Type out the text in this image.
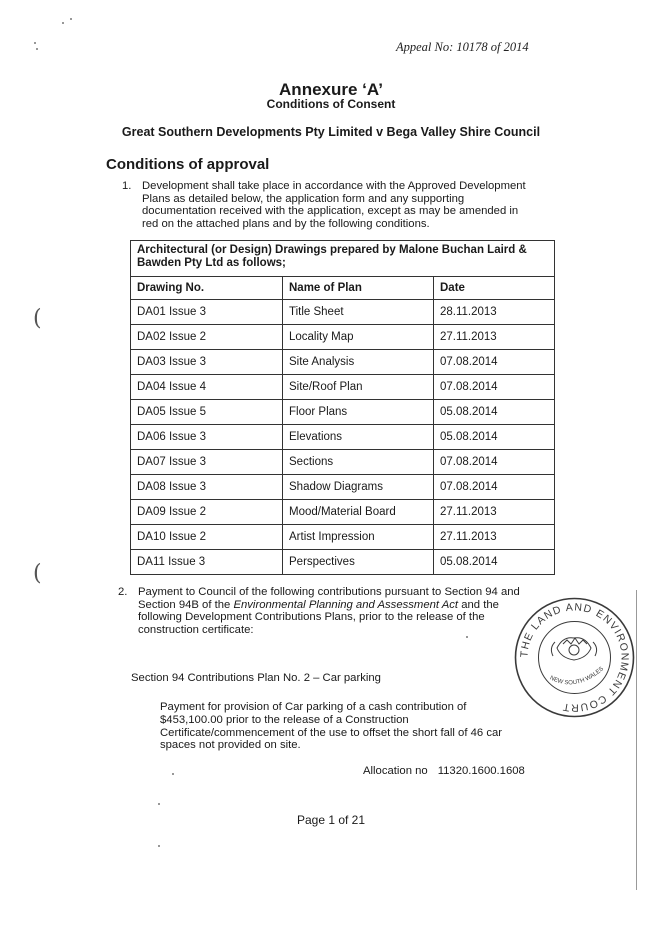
Appeal No: 10178 of 2014
Annexure ‘A’
Conditions of Consent
Great Southern Developments Pty Limited v Bega Valley Shire Council
Conditions of approval
1. Development shall take place in accordance with the Approved Development Plans as detailed below, the application form and any supporting documentation received with the application, except as may be amended in red on the attached plans and by the following conditions.

Architectural (or Design) Drawings prepared by Malone Buchan Laird & Bawden Pty Ltd as follows;		
Drawing No.	Name of Plan	Date
DA01 Issue 3	Title Sheet	28.11.2013
DA02 Issue 2	Locality Map	27.11.2013
DA03 Issue 3	Site Analysis	07.08.2014
DA04 Issue 4	Site/Roof Plan	07.08.2014
DA05 Issue 5	Floor Plans	05.08.2014
DA06 Issue 3	Elevations	05.08.2014
DA07 Issue 3	Sections	07.08.2014
DA08 Issue 3	Shadow Diagrams	07.08.2014
DA09 Issue 2	Mood/Material Board	27.11.2013
DA10 Issue 2	Artist Impression	27.11.2013
DA11 Issue 3	Perspectives	05.08.2014
2. Payment to Council of the following contributions pursuant to Section 94 and Section 94B of the Environmental Planning and Assessment Act and the following Development Contributions Plans, prior to the release of the construction certificate:

THE LAND AND ENVIRONMENT COURT
NEW SOUTH WALES
Section 94 Contributions Plan No. 2 – Car parking

Payment for provision of Car parking of a cash contribution of $453,100.00 prior to the release of a Construction Certificate/commencement of the use to offset the short fall of 46 car spaces not provided on site.

Allocation no 11320.1600.1608
Page 1 of 21
(
(
